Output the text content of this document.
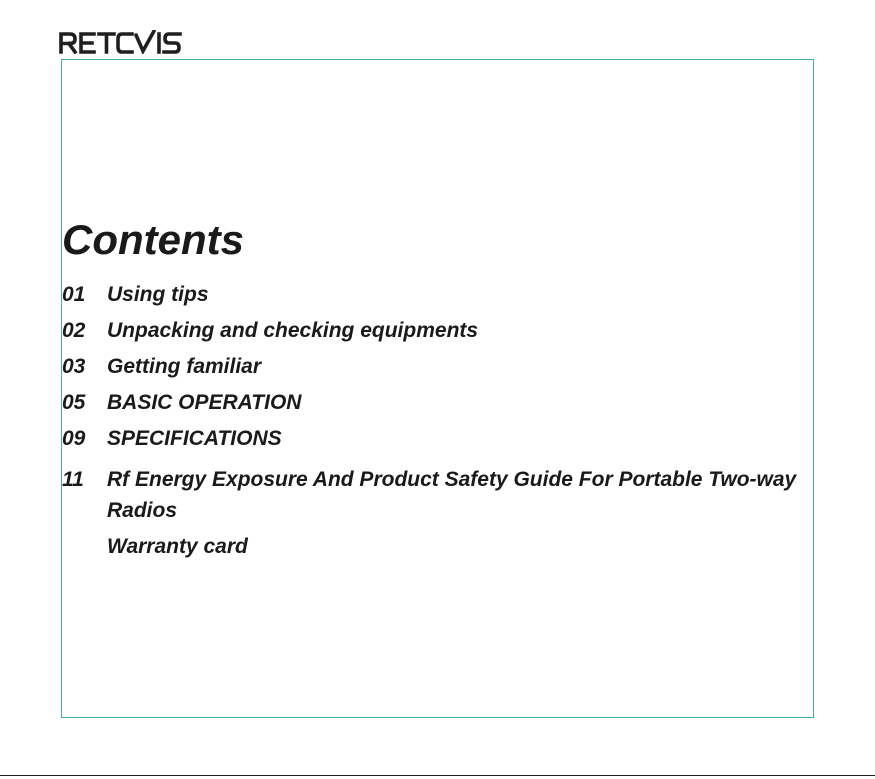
Contents
01	Using tips
02	Unpacking and checking equipments
03	Getting familiar
05	BASIC OPERATION
09	SPECIFICATIONS
11	Rf Energy Exposure And Product Safety Guide For Portable Two-way Radios
Warranty card
